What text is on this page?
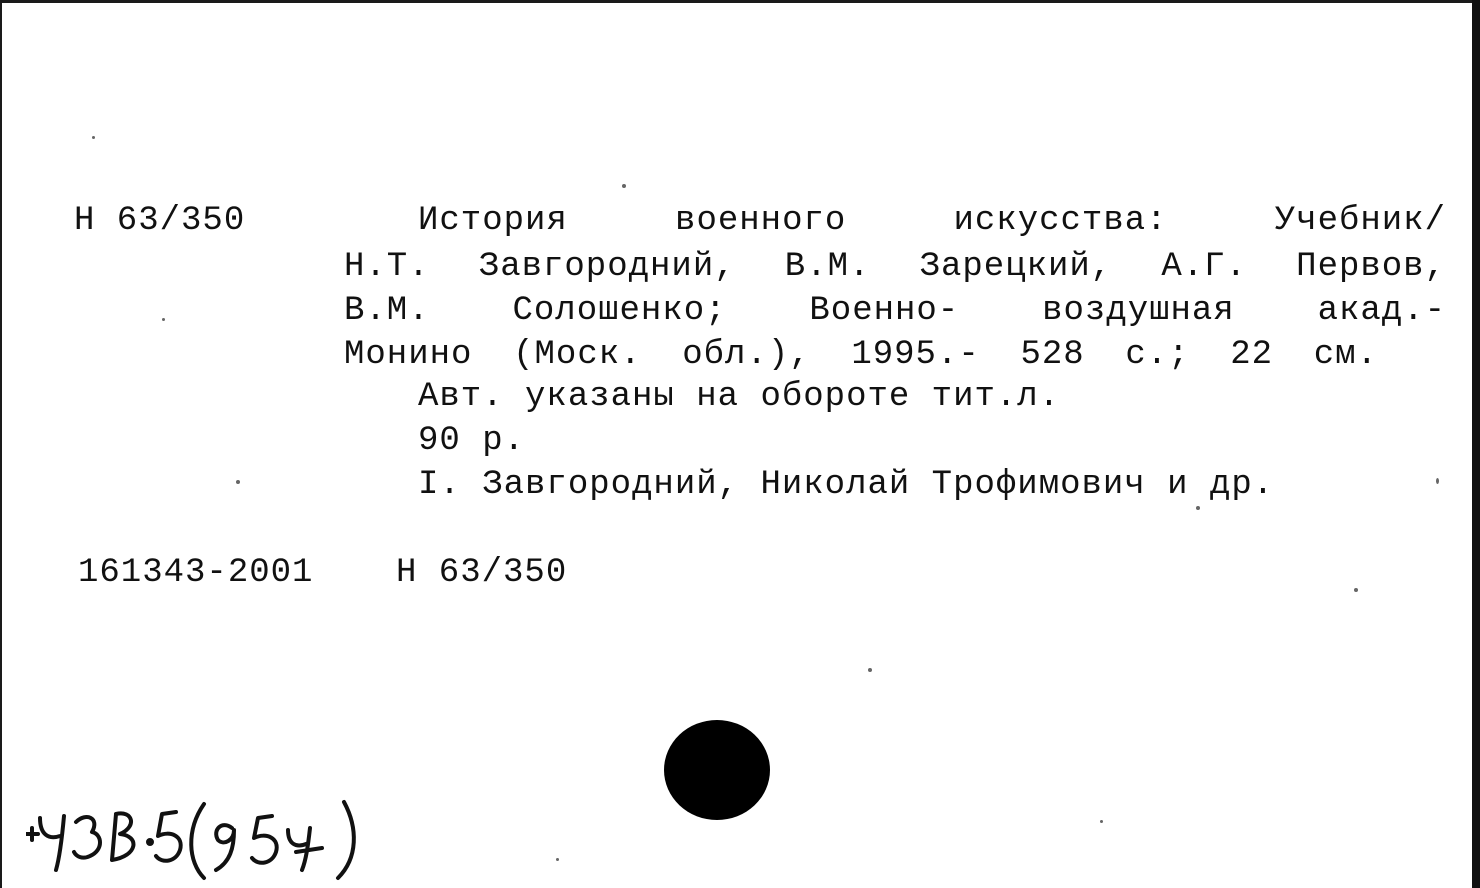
Н 63/350	История военного искусства: Учебник/
Н.Т. Завгородний, В.М. Зарецкий, А.Г. Первов,
В.М. Солошенко; Военно- воздушная акад.-
Монино (Моск. обл.), 1995.- 528 с.; 22 см.
Авт. указаны на обороте тит.л.
90 р.
I. Завгородний, Николай Трофимович и др.
161343-2001 Н 63/350
